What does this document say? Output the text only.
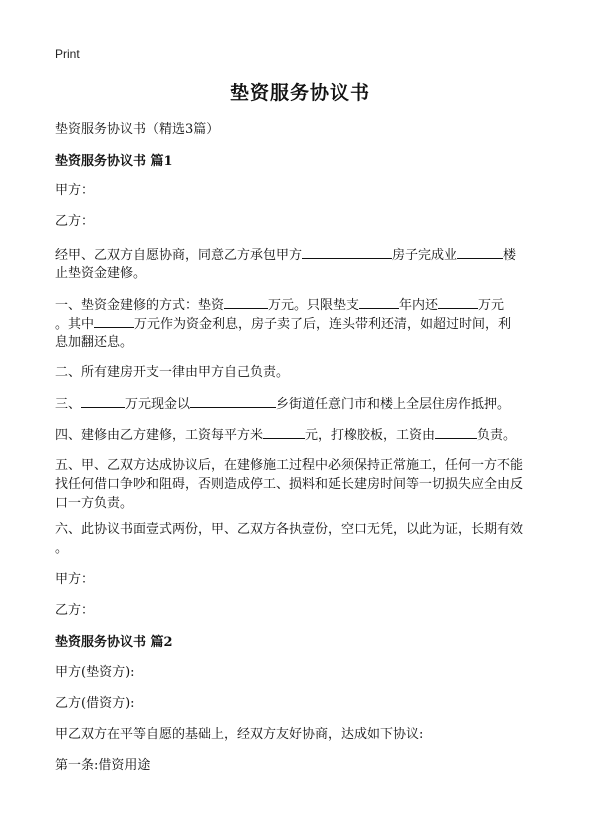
Print
垫资服务协议书
垫资服务协议书（精选3篇）
垫资服务协议书 篇1
甲方：
乙方：
经甲、乙双方自愿协商，同意乙方承包甲方	房子完成业	楼
止垫资金建修。
一、垫资金建修的方式：垫资	万元。只限垫支	年内还	万元
。其中	万元作为资金利息，房子卖了后，连头带利还清，如超过时间，利
息加翻还息。
二、所有建房开支一律由甲方自己负责。
三、	万元现金以	乡街道任意门市和楼上全层住房作抵押。
四、建修由乙方建修，工资每平方米	元，打橡胶板，工资由	负责。
五、甲、乙双方达成协议后，在建修施工过程中必须保持正常施工，任何一方不能
找任何借口争吵和阻碍，否则造成停工、损料和延长建房时间等一切损失应全由反
口一方负责。
六、此协议书面壹式两份，甲、乙双方各执壹份，空口无凭，以此为证，长期有效
。
甲方：
乙方：
垫资服务协议书 篇2
甲方(垫资方):
乙方(借资方):
甲乙双方在平等自愿的基础上，经双方友好协商，达成如下协议:
第一条:借资用途
